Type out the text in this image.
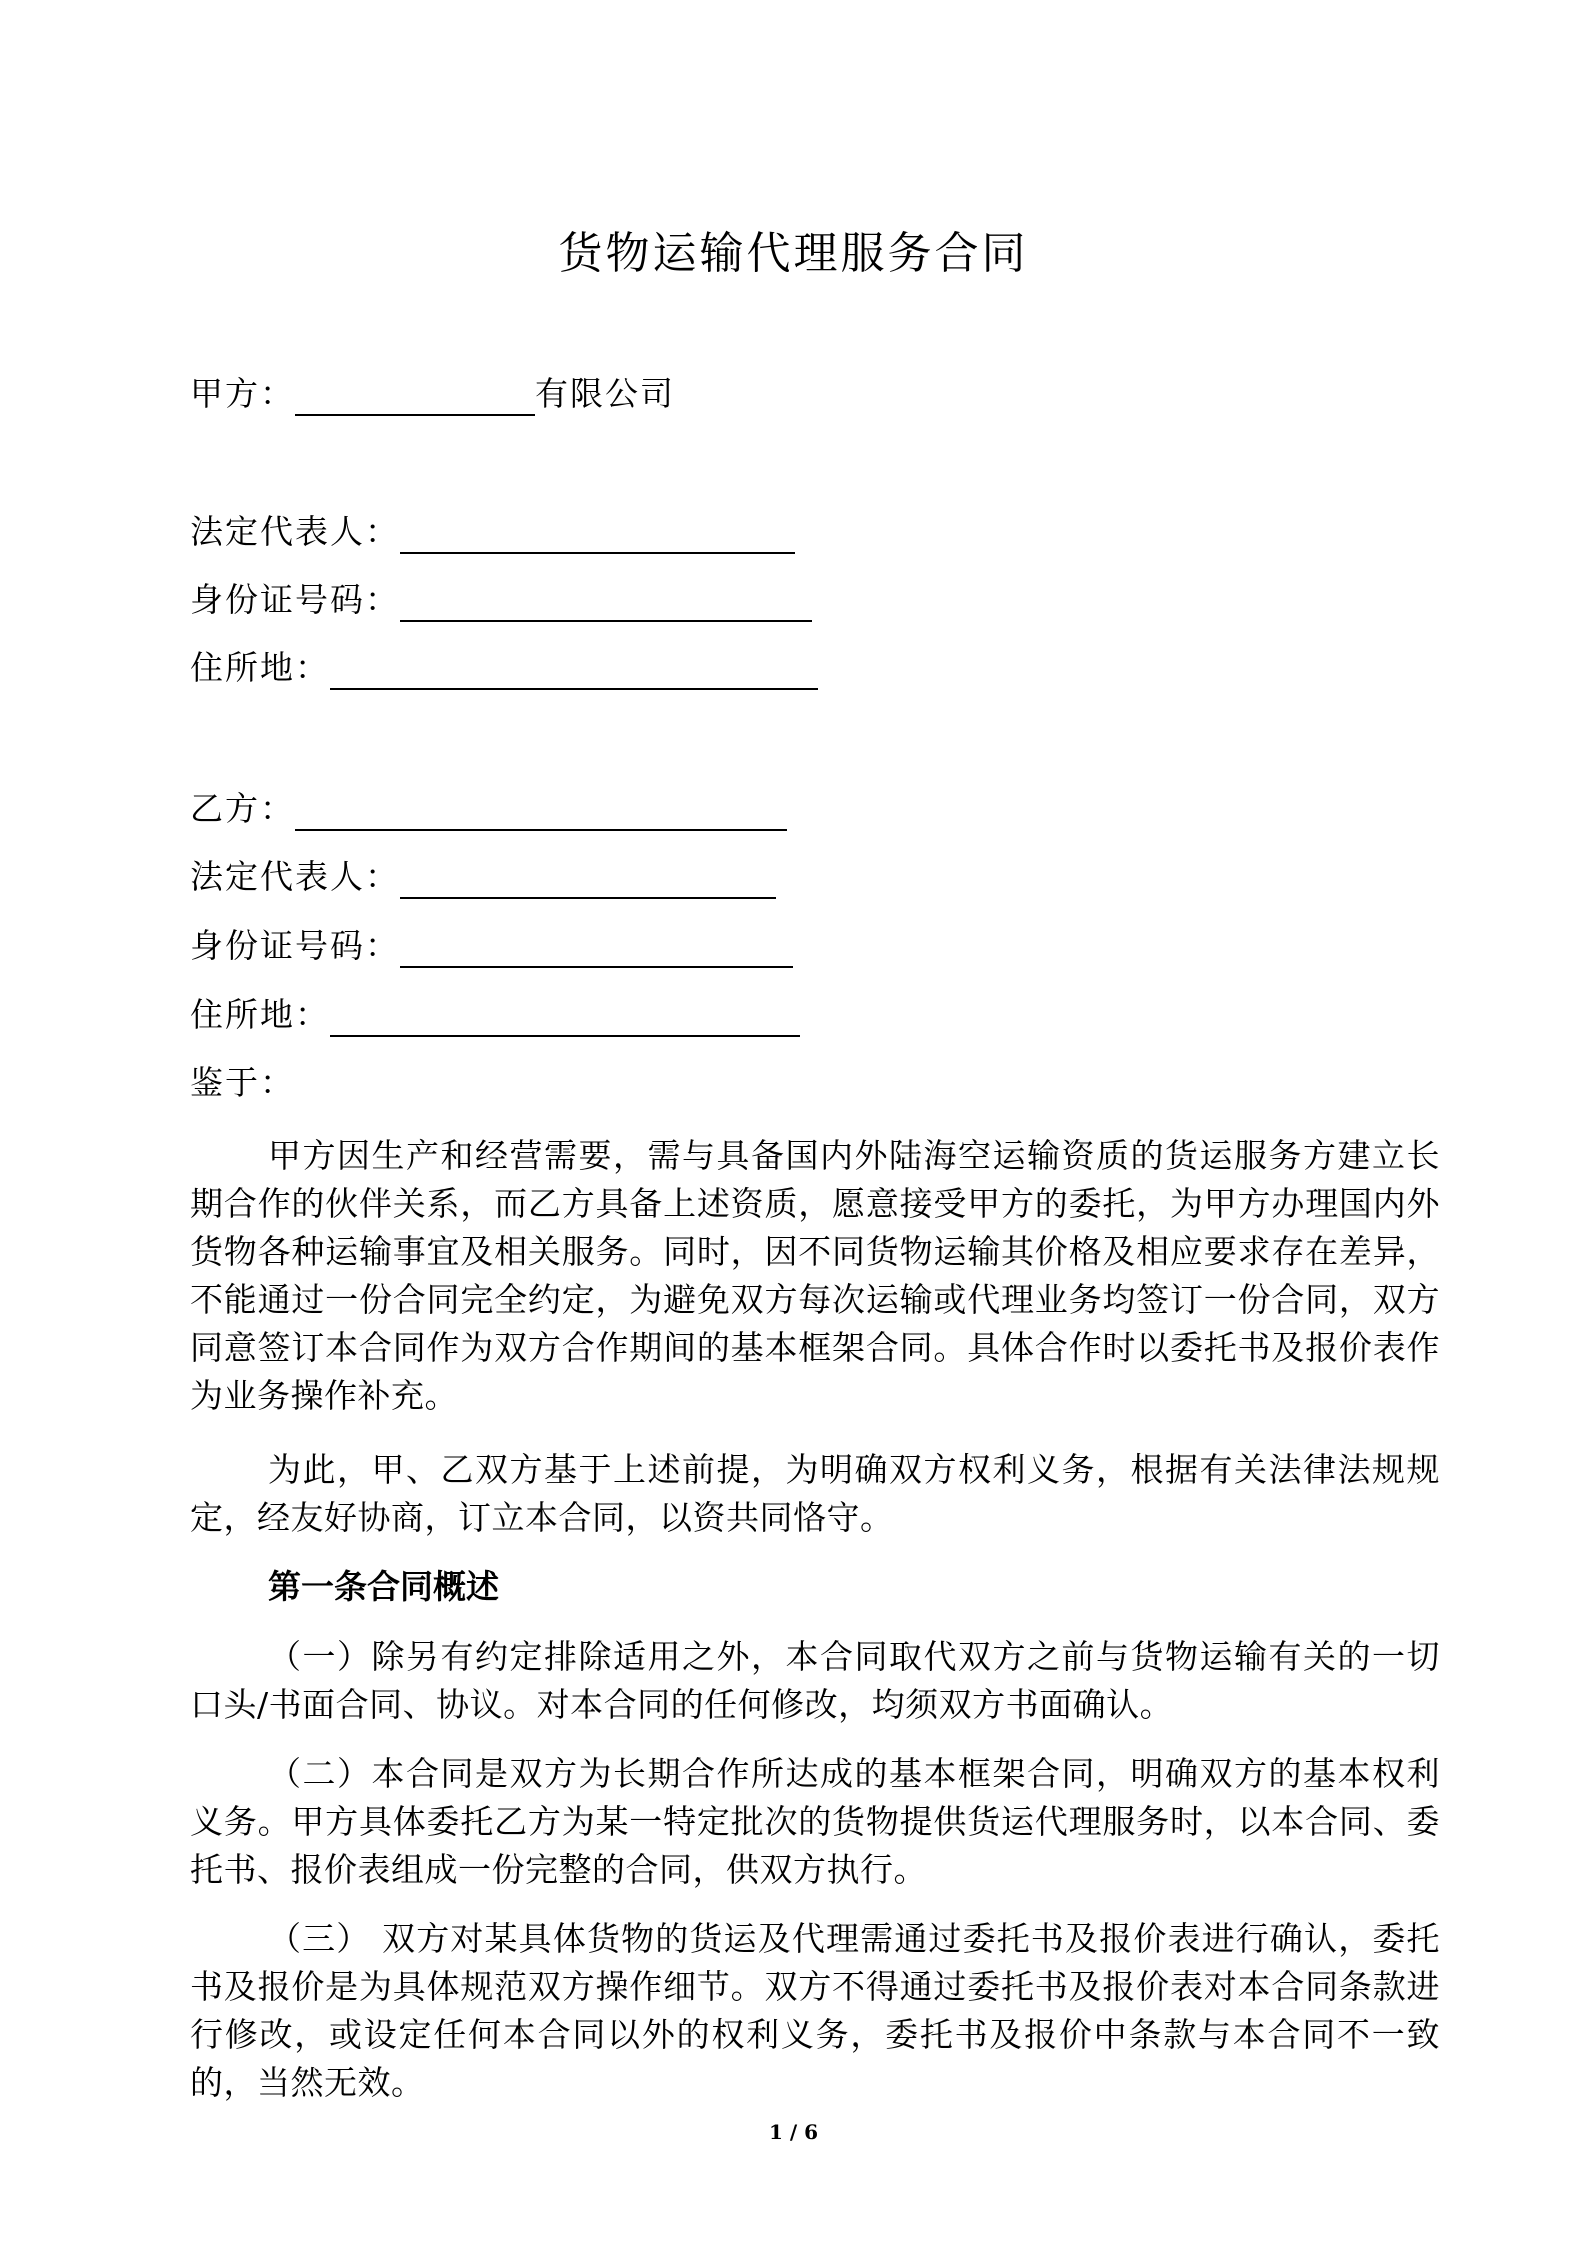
货物运输代理服务合同
甲方：	有限公司
法定代表人：
身份证号码：
住所地：
乙方：
法定代表人：
身份证号码：
住所地：
鉴于：

甲方因生产和经营需要，需与具备国内外陆海空运输资质的货运服务方建立长期合作的伙伴关系，而乙方具备上述资质，愿意接受甲方的委托，为甲方办理国内外货物各种运输事宜及相关服务。同时，因不同货物运输其价格及相应要求存在差异，不能通过一份合同完全约定，为避免双方每次运输或代理业务均签订一份合同，双方同意签订本合同作为双方合作期间的基本框架合同。具体合作时以委托书及报价表作为业务操作补充。

为此，甲、乙双方基于上述前提，为明确双方权利义务，根据有关法律法规规定，经友好协商，订立本合同，以资共同恪守。

第一条合同概述

（一）除另有约定排除适用之外，本合同取代双方之前与货物运输有关的一切口头/书面合同、协议。对本合同的任何修改，均须双方书面确认。

（二）本合同是双方为长期合作所达成的基本框架合同，明确双方的基本权利义务。甲方具体委托乙方为某一特定批次的货物提供货运代理服务时，以本合同、委托书、报价表组成一份完整的合同，供双方执行。

（三） 双方对某具体货物的货运及代理需通过委托书及报价表进行确认，委托书及报价是为具体规范双方操作细节。双方不得通过委托书及报价表对本合同条款进行修改，或设定任何本合同以外的权利义务，委托书及报价中条款与本合同不一致的，当然无效。

1 / 6
